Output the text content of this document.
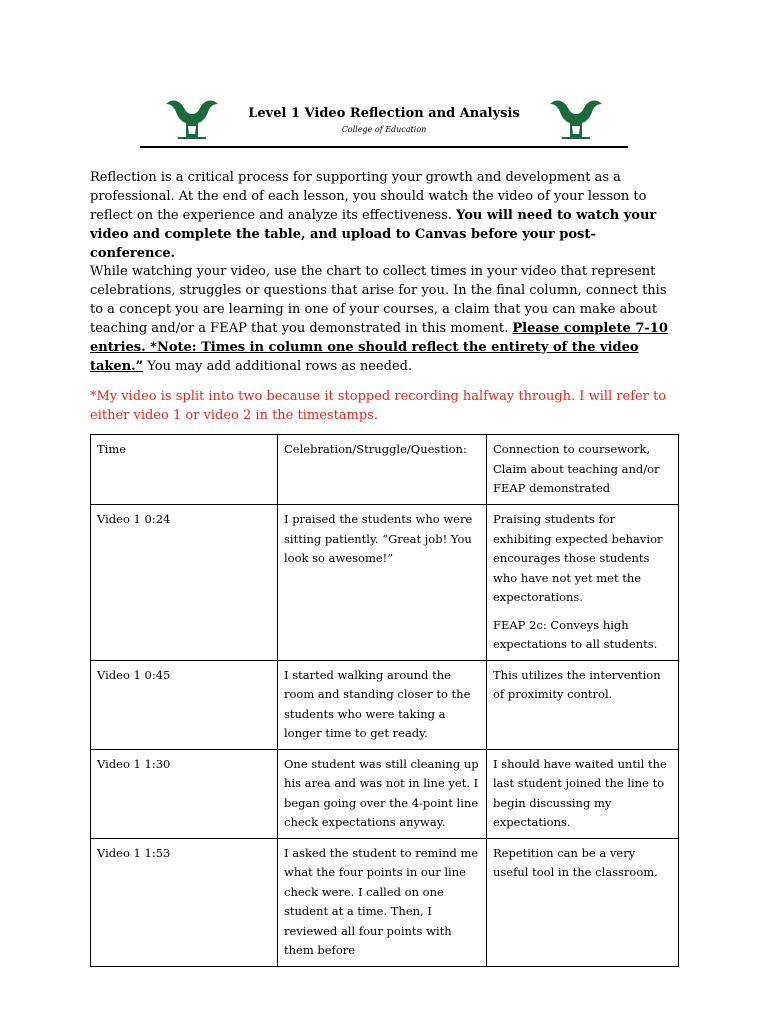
Level 1 Video Reflection and Analysis
College of Education
Reflection is a critical process for supporting your growth and development as a professional. At the end of each lesson, you should watch the video of your lesson to reflect on the experience and analyze its effectiveness. You will need to watch your video and complete the table, and upload to Canvas before your post-conference.
While watching your video, use the chart to collect times in your video that represent celebrations, struggles or questions that arise for you. In the final column, connect this to a concept you are learning in one of your courses, a claim that you can make about teaching and/or a FEAP that you demonstrated in this moment. Please complete 7-10 entries. *Note: Times in column one should reflect the entirety of the video taken.” You may add additional rows as needed.
*My video is split into two because it stopped recording halfway through. I will refer to either video 1 or video 2 in the timestamps.
Time	Celebration/Struggle/Question:	Connection to coursework, Claim about teaching and/or FEAP demonstrated
Video 1 0:24	I praised the students who were sitting patiently. “Great job! You look so awesome!”	Praising students for exhibiting expected behavior encourages those students who have not yet met the expectorations.

FEAP 2c: Conveys high expectations to all students.

Video 1 0:45	I started walking around the room and standing closer to the students who were taking a longer time to get ready.	This utilizes the intervention of proximity control.
Video 1 1:30	One student was still cleaning up his area and was not in line yet. I began going over the 4-point line check expectations anyway.	I should have waited until the last student joined the line to begin discussing my expectations.
Video 1 1:53	I asked the student to remind me what the four points in our line check were. I called on one student at a time. Then, I reviewed all four points with them before	Repetition can be a very useful tool in the classroom.
